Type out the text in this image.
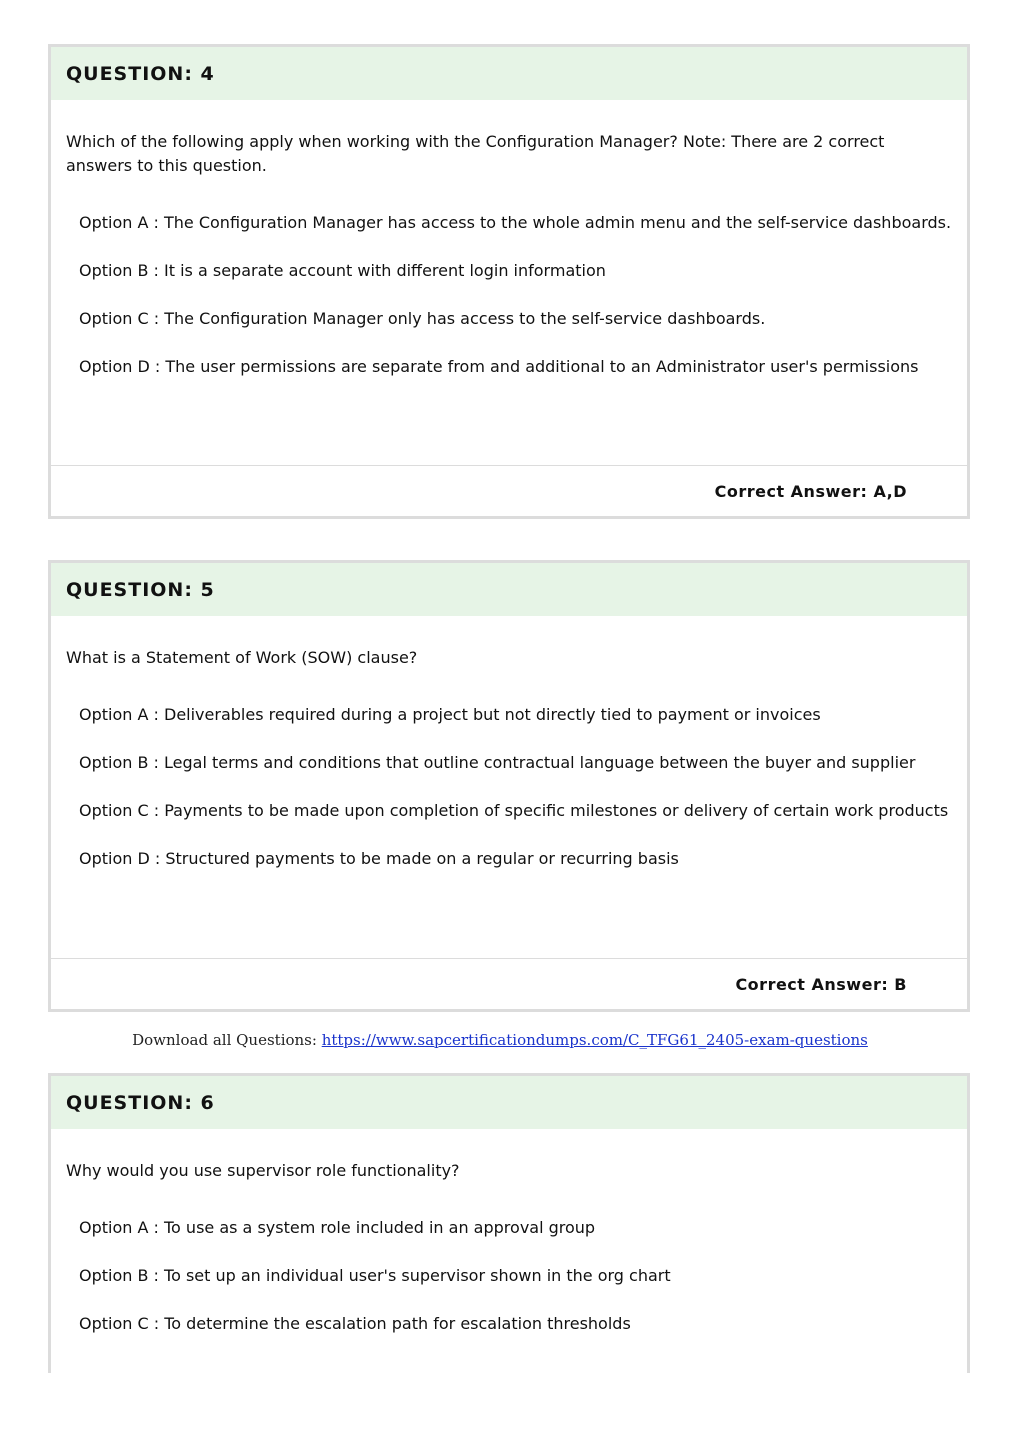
QUESTION: 4
Which of the following apply when working with the Configuration Manager? Note: There are 2 correct answers to this question.
Option A : The Configuration Manager has access to the whole admin menu and the self-service dashboards.
Option B : It is a separate account with different login information
Option C : The Configuration Manager only has access to the self-service dashboards.
Option D : The user permissions are separate from and additional to an Administrator user's permissions
Correct Answer: A,D
QUESTION: 5
What is a Statement of Work (SOW) clause?
Option A : Deliverables required during a project but not directly tied to payment or invoices
Option B : Legal terms and conditions that outline contractual language between the buyer and supplier
Option C : Payments to be made upon completion of specific milestones or delivery of certain work products
Option D : Structured payments to be made on a regular or recurring basis
Correct Answer: B
Download all Questions: https://www.sapcertificationdumps.com/C_TFG61_2405-exam-questions
QUESTION: 6
Why would you use supervisor role functionality?
Option A : To use as a system role included in an approval group
Option B : To set up an individual user's supervisor shown in the org chart
Option C : To determine the escalation path for escalation thresholds
